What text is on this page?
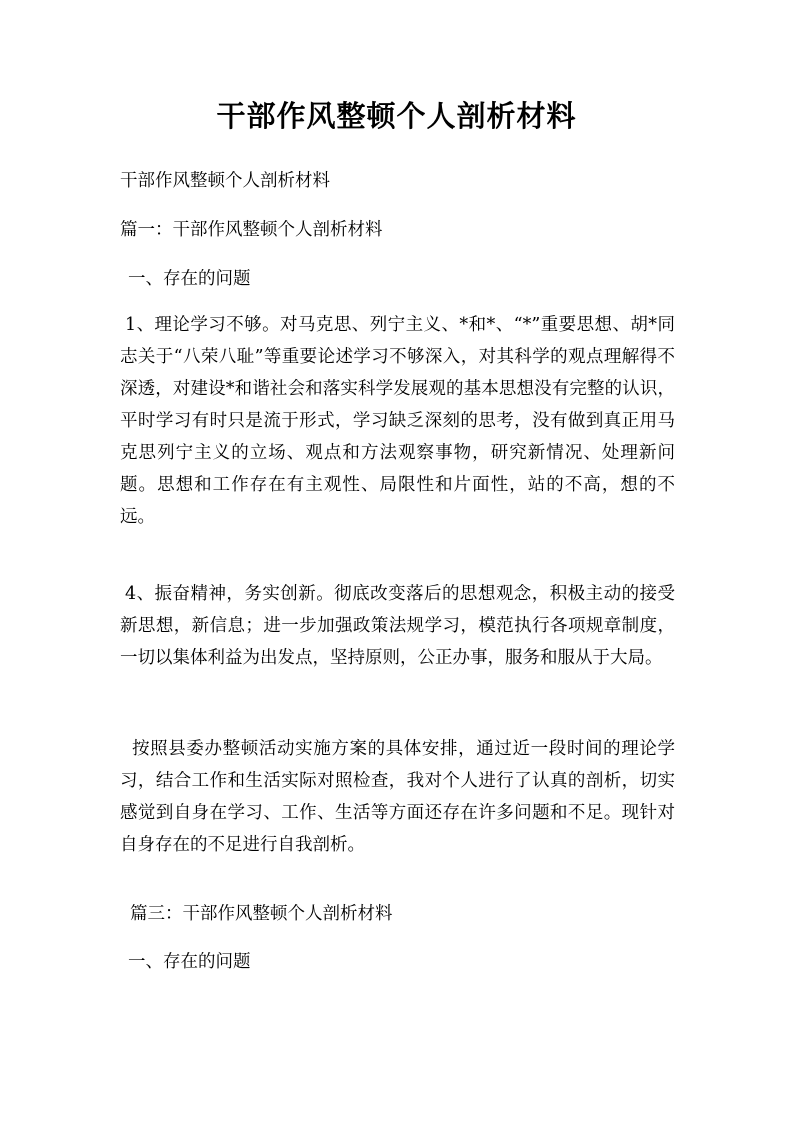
干部作风整顿个人剖析材料

干部作风整顿个人剖析材料

篇一：干部作风整顿个人剖析材料

一、存在的问题

1、理论学习不够。对马克思、列宁主义、*和*、“*”重要思想、胡*同志关于“八荣八耻”等重要论述学习不够深入，对其科学的观点理解得不深透，对建设*和谐社会和落实科学发展观的基本思想没有完整的认识，平时学习有时只是流于形式，学习缺乏深刻的思考，没有做到真正用马克思列宁主义的立场、观点和方法观察事物，研究新情况、处理新问题。思想和工作存在有主观性、局限性和片面性，站的不高，想的不远。

4、振奋精神，务实创新。彻底改变落后的思想观念，积极主动的接受新思想，新信息；进一步加强政策法规学习，模范执行各项规章制度，一切以集体利益为出发点，坚持原则，公正办事，服务和服从于大局。

按照县委办整顿活动实施方案的具体安排，通过近一段时间的理论学习，结合工作和生活实际对照检查，我对个人进行了认真的剖析，切实感觉到自身在学习、工作、生活等方面还存在许多问题和不足。现针对自身存在的不足进行自我剖析。

篇三：干部作风整顿个人剖析材料

一、存在的问题
